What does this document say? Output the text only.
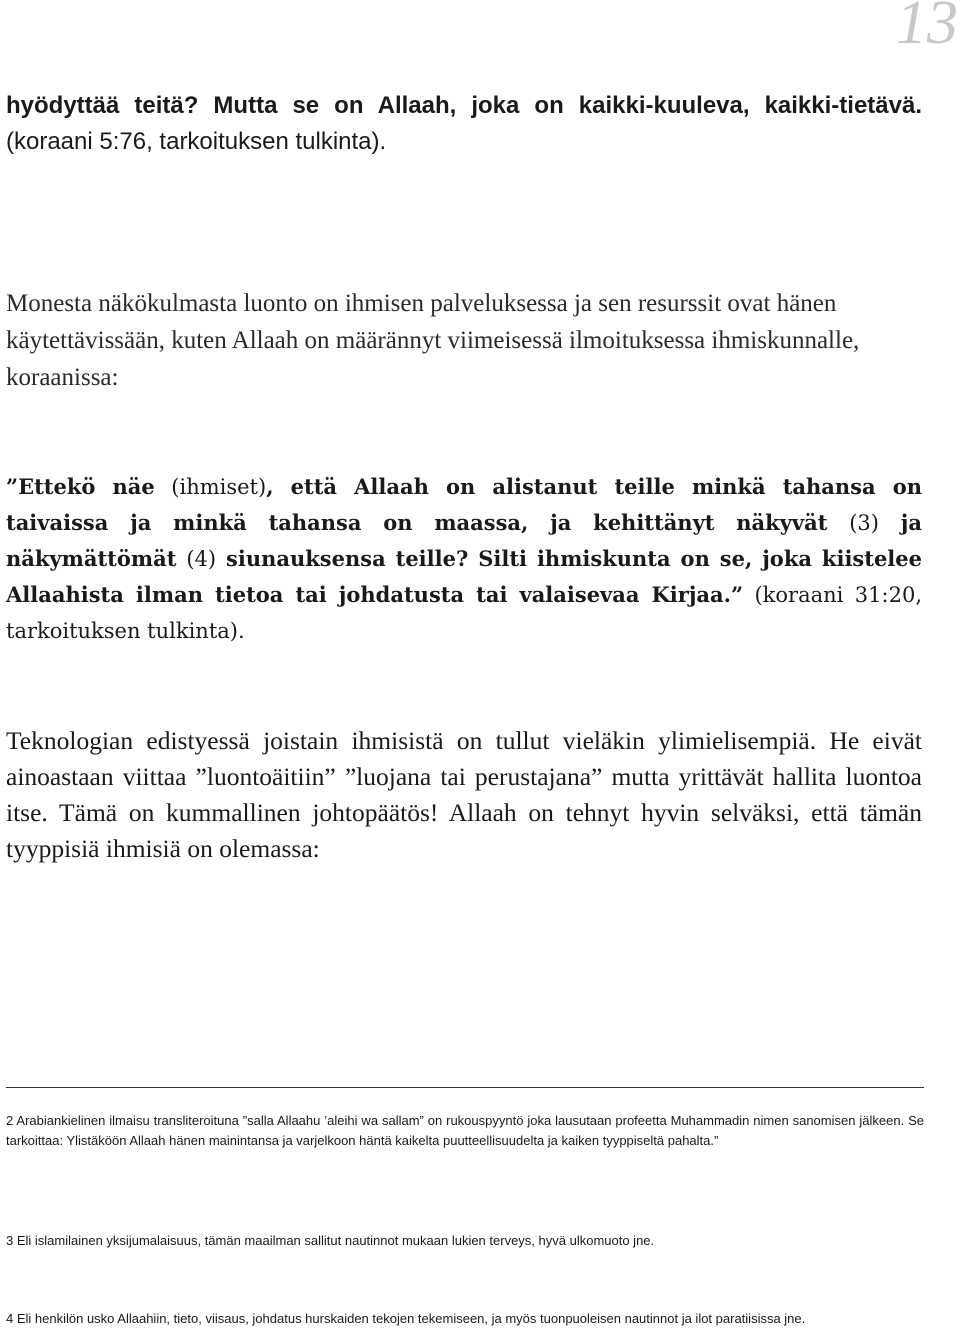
13

hyödyttää teitä? Mutta se on Allaah, joka on kaikki-kuuleva, kaikki-tietävä. (koraani 5:76, tarkoituksen tulkinta).

Monesta näkökulmasta luonto on ihmisen palveluksessa ja sen resurssit ovat hänen käytettävissään, kuten Allaah on määrännyt viimeisessä ilmoituksessa ihmiskunnalle, koraanissa:

”Ettekö näe (ihmiset), että Allaah on alistanut teille minkä tahansa on taivaissa ja minkä tahansa on maassa, ja kehittänyt näkyvät (3) ja näkymättömät (4) siunauksensa teille? Silti ihmiskunta on se, joka kiistelee Allaahista ilman tietoa tai johdatusta tai valaisevaa Kirjaa.” (koraani 31:20, tarkoituksen tulkinta).

Teknologian edistyessä joistain ihmisistä on tullut vieläkin ylimielisempiä. He eivät ainoastaan viittaa ”luontoäitiin” ”luojana tai perustajana” mutta yrittävät hallita luontoa itse. Tämä on kummallinen johtopäätös! Allaah on tehnyt hyvin selväksi, että tämän tyyppisiä ihmisiä on olemassa:

2 Arabiankielinen ilmaisu transliteroituna ”salla Allaahu ’aleihi wa sallam” on rukouspyyntö joka lausutaan profeetta Muhammadin nimen sanomisen jälkeen. Se tarkoittaa: Ylistäköön Allaah hänen mainintansa ja varjelkoon häntä kaikelta puutteellisuudelta ja kaiken tyyppiseltä pahalta.”

3 Eli islamilainen yksijumalaisuus, tämän maailman sallitut nautinnot mukaan lukien terveys, hyvä ulkomuoto jne.

4 Eli henkilön usko Allaahiin, tieto, viisaus, johdatus hurskaiden tekojen tekemiseen, ja myös tuonpuoleisen nautinnot ja ilot paratiisissa jne.
